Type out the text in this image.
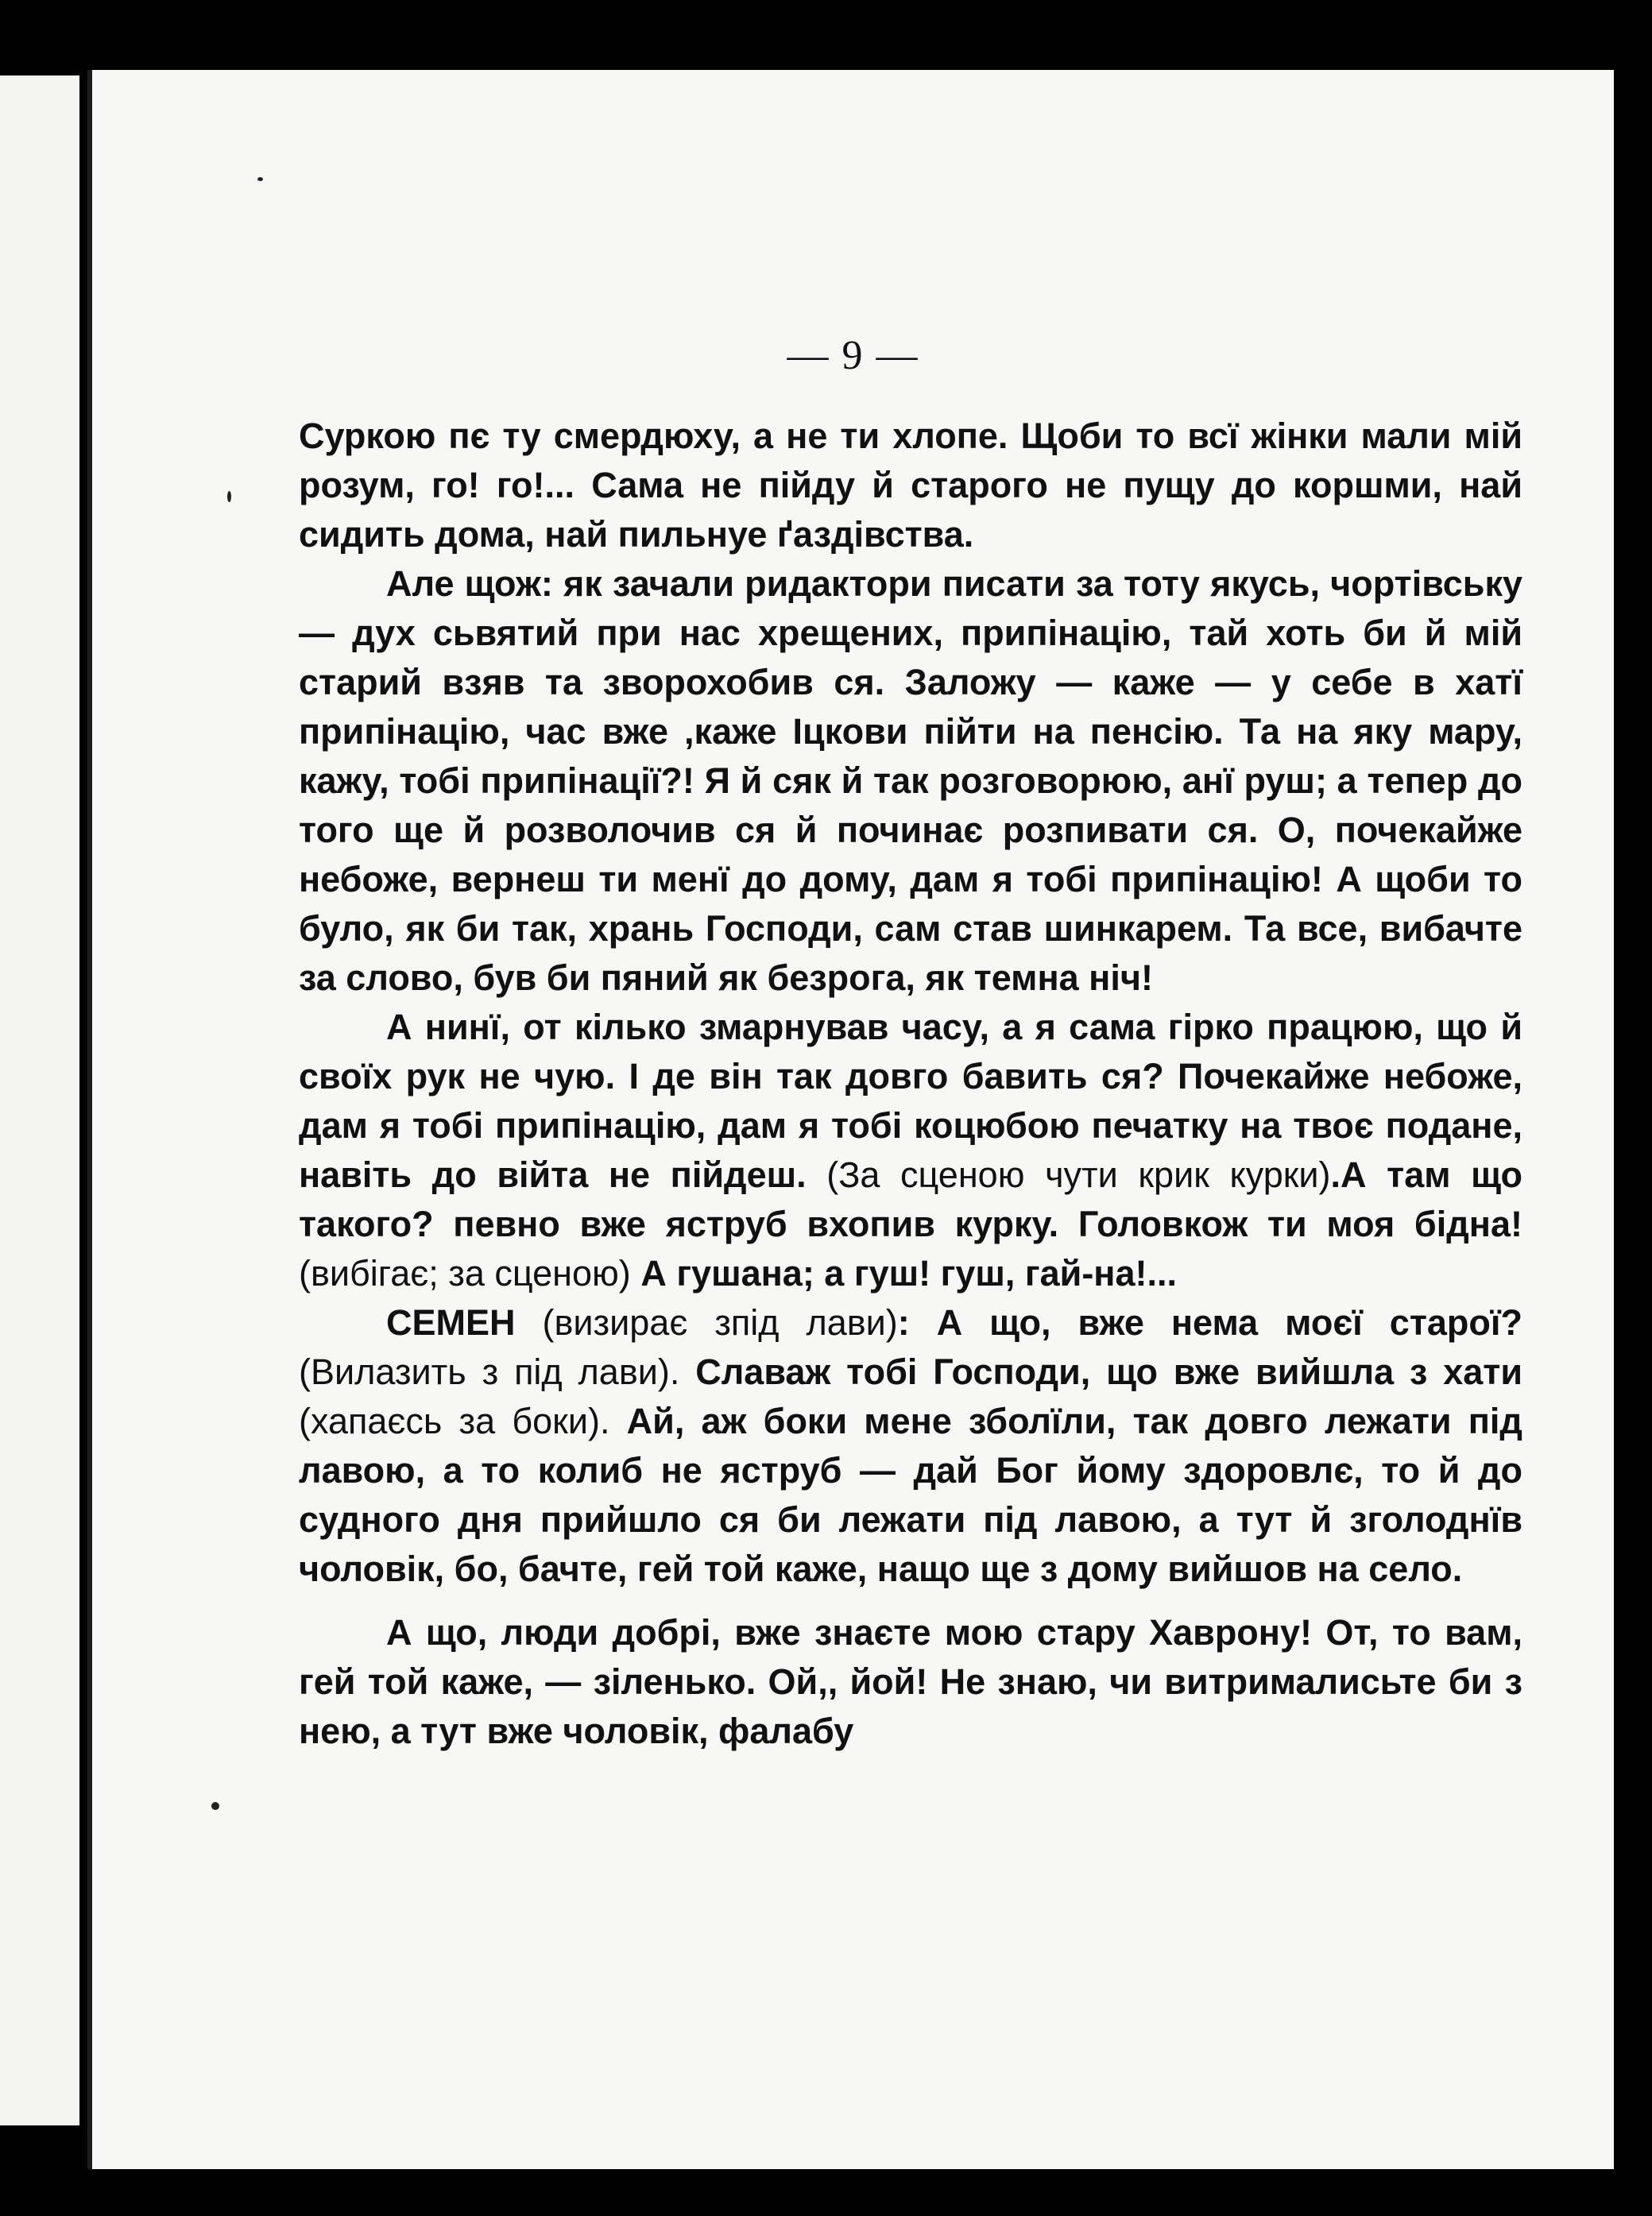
— 9 —

Суркою пє ту смердюху, а не ти хлопе. Щоби то всї жінки мали мій розум, го! го!... Сама не пійду й старого не пущу до коршми, най сидить дома, най пильнуе ґаздівства.

Але щож: як зачали ридактори писати за тоту якусь, чортівську — дух сьвятий при нас хрещених, припінацію, тай хоть би й мій старий взяв та зворохобив ся. Заложу — каже — у себе в хатї припінацію, час вже ,каже Іцкови пійти на пенсію. Та на яку мару, кажу, тобі припінації?! Я й сяк й так розговорюю, анї руш; а тепер до того ще й розволочив ся й починає розпивати ся. О, почекайже небоже, вернеш ти менї до дому, дам я тобі припінацію! А щоби то було, як би так, хрань Господи, сам став шинкарем. Та все, вибачте за слово, був би пяний як безрога, як темна ніч!

А нинї, от кілько змарнував часу, а я сама гірко працюю, що й своїх рук не чую. І де він так довго бавить ся? Почекайже небоже, дам я тобі припінацію, дам я тобі коцюбою печатку на твоє подане, навіть до війта не пійдеш. (За сценою чути крик курки).А там що такого? певно вже яструб вхопив курку. Головкож ти моя бідна! (вибігає; за сценою) А гушана; а гуш! гуш, гай-на!...

СЕМЕН (визирає зпід лави): А що, вже нема моєї старої? (Вилазить з під лави). Славаж тобі Господи, що вже вийшла з хати (хапаєсь за боки). Ай, аж боки мене зболїли, так довго лежати під лавою, а то колиб не яструб — дай Бог йому здоровлє, то й до судного дня прийшло ся би лежати під лавою, а тут й зголоднїв чоловік, бо, бачте, гей той каже, нащо ще з дому вийшов на село.

А що, люди добрі, вже знаєте мою стару Хаврону! От, то вам, гей той каже, — зіленько. Ой,, йой! Не знаю, чи витрималисьте би з нею, а тут вже чоловік, фалабу
